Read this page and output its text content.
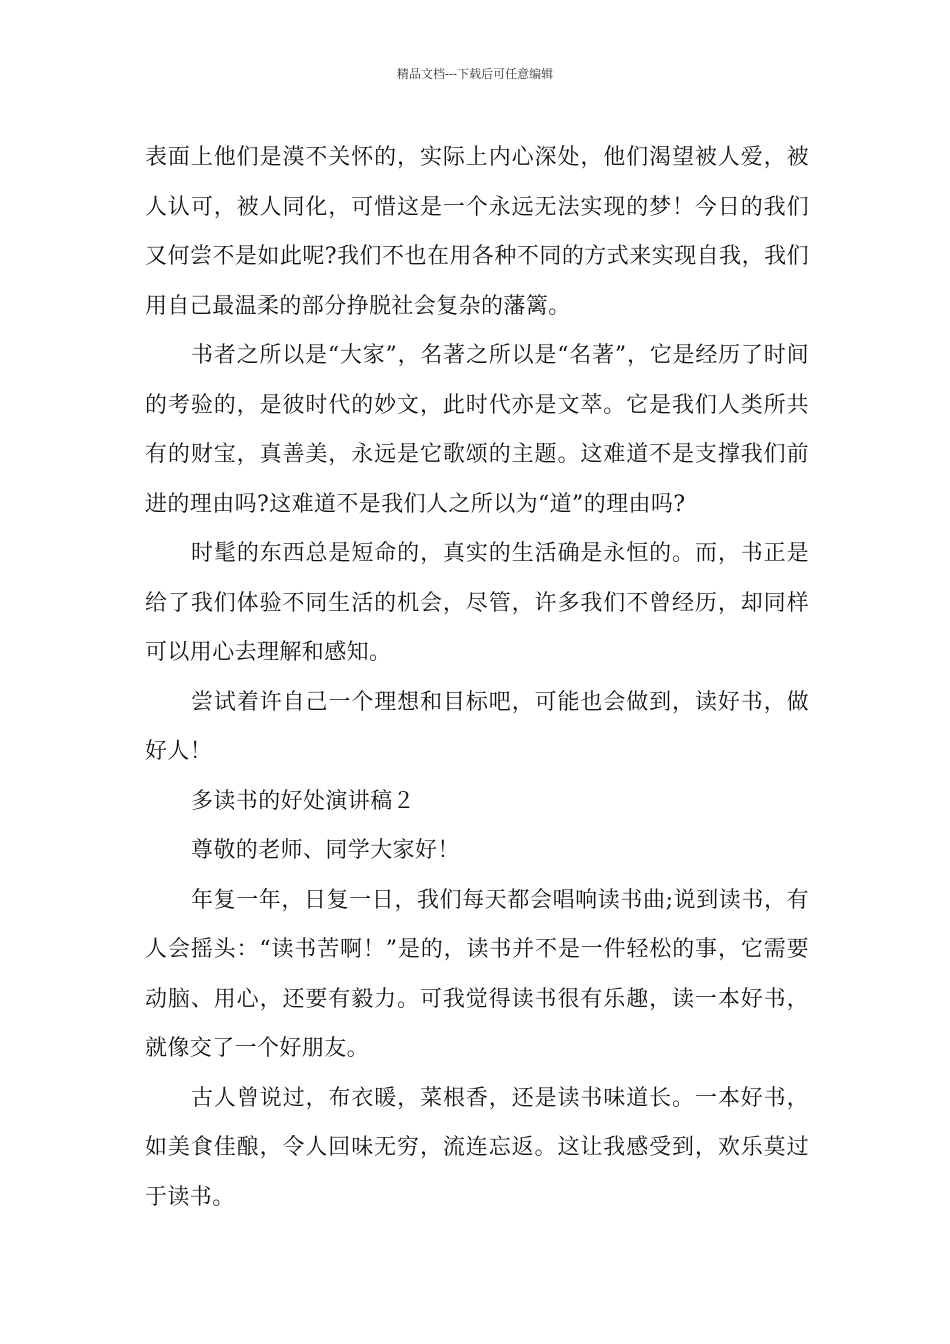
精品文档---下载后可任意编辑

表面上他们是漠不关怀的，实际上内心深处，他们渴望被人爱，被人认可，被人同化，可惜这是一个永远无法实现的梦！今日的我们又何尝不是如此呢?我们不也在用各种不同的方式来实现自我，我们用自己最温柔的部分挣脱社会复杂的藩篱。

书者之所以是“大家”，名著之所以是“名著”，它是经历了时间的考验的，是彼时代的妙文，此时代亦是文萃。它是我们人类所共有的财宝，真善美，永远是它歌颂的主题。这难道不是支撑我们前进的理由吗?这难道不是我们人之所以为“道”的理由吗?

时髦的东西总是短命的，真实的生活确是永恒的。而，书正是给了我们体验不同生活的机会，尽管，许多我们不曾经历，却同样可以用心去理解和感知。

尝试着许自己一个理想和目标吧，可能也会做到，读好书，做好人！

多读书的好处演讲稿２

尊敬的老师、同学大家好！

年复一年，日复一日，我们每天都会唱响读书曲;说到读书，有人会摇头：“读书苦啊！”是的，读书并不是一件轻松的事，它需要动脑、用心，还要有毅力。可我觉得读书很有乐趣，读一本好书，就像交了一个好朋友。

古人曾说过，布衣暖，菜根香，还是读书味道长。一本好书，如美食佳酿，令人回味无穷，流连忘返。这让我感受到，欢乐莫过于读书。
